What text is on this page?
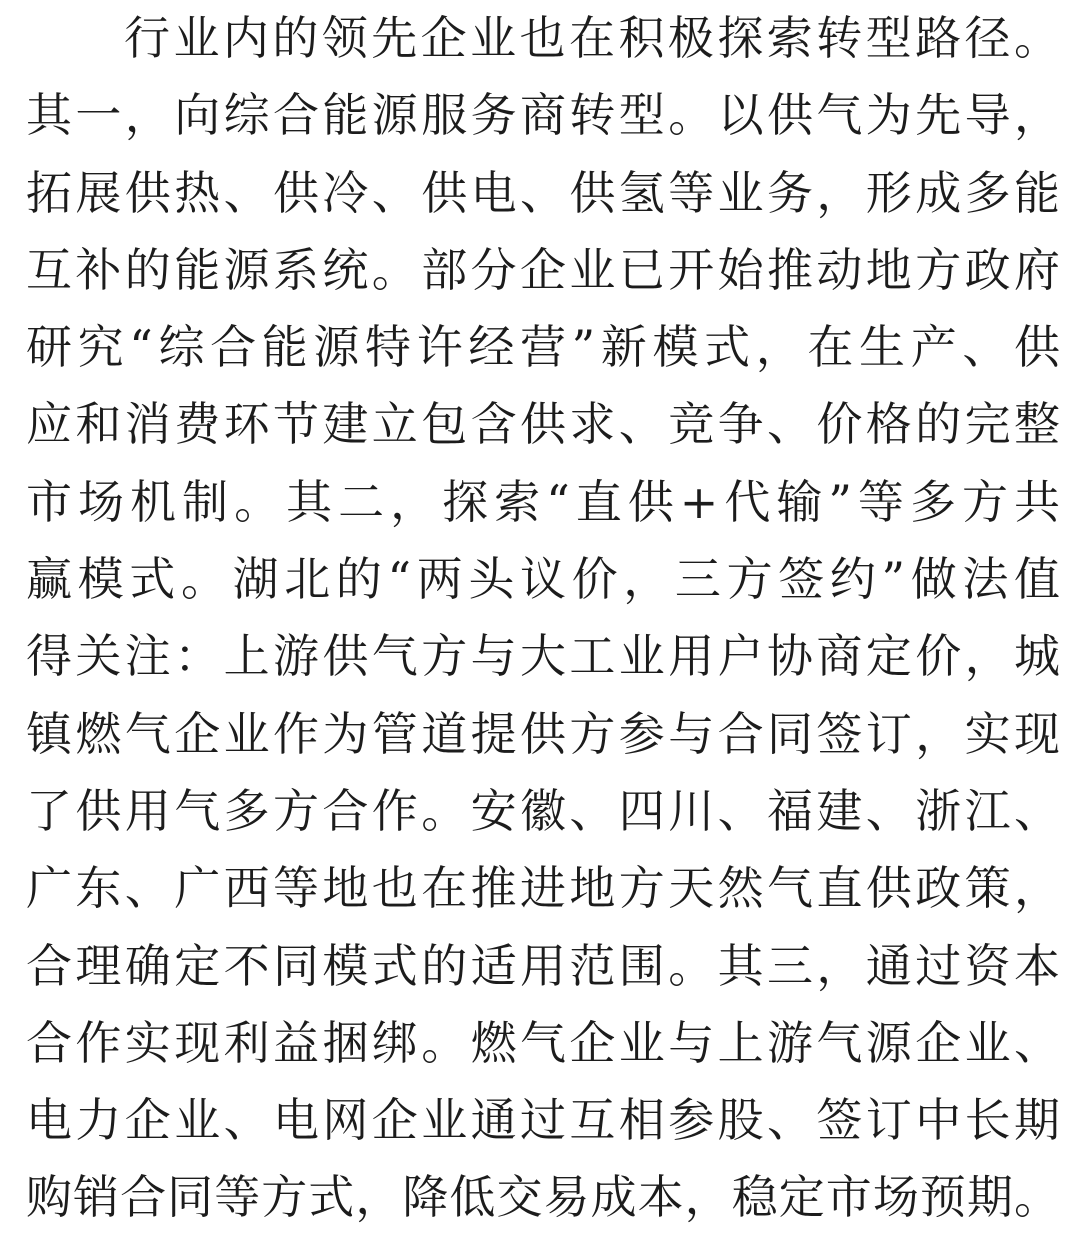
行业内的领先企业也在积极探索转型路径。
其一，向综合能源服务商转型。以供气为先导，
拓展供热、供冷、供电、供氢等业务，形成多能
互补的能源系统。部分企业已开始推动地方政府
研究“综合能源特许经营”新模式，在生产、供
应和消费环节建立包含供求、竞争、价格的完整
市场机制。其二，探索“直供+代输”等多方共
赢模式。湖北的“两头议价，三方签约”做法值
得关注：上游供气方与大工业用户协商定价，城
镇燃气企业作为管道提供方参与合同签订，实现
了供用气多方合作。安徽、四川、福建、浙江、
广东、广西等地也在推进地方天然气直供政策，
合理确定不同模式的适用范围。其三，通过资本
合作实现利益捆绑。燃气企业与上游气源企业、
电力企业、电网企业通过互相参股、签订中长期
购销合同等方式，降低交易成本，稳定市场预期。
